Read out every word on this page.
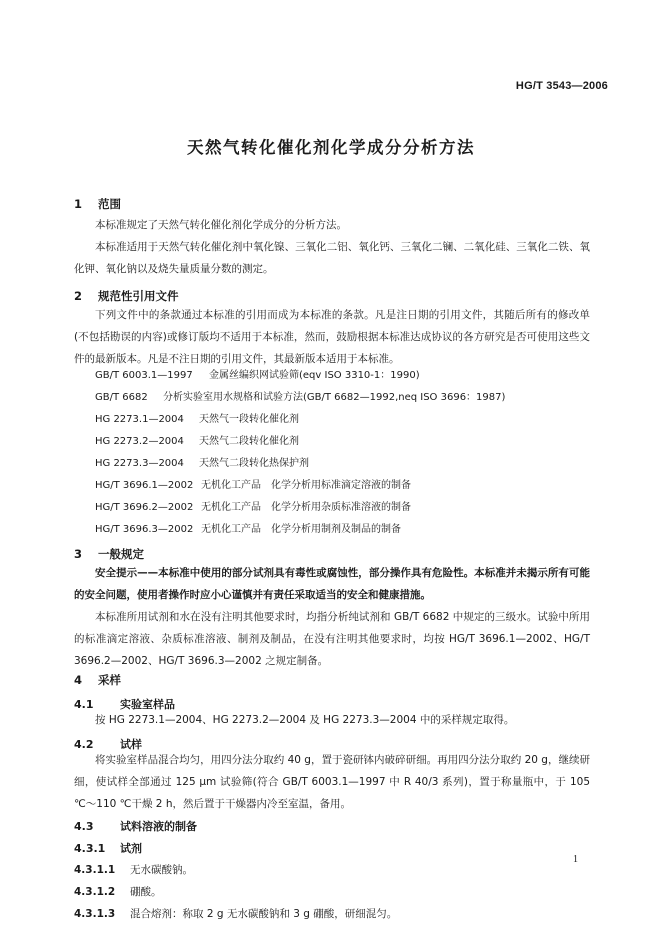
HG/T 3543—2006
天然气转化催化剂化学成分分析方法
1 范围
本标准规定了天然气转化催化剂化学成分的分析方法。
本标准适用于天然气转化催化剂中氧化镍、三氧化二铝、氧化钙、三氧化二镧、二氧化硅、三氧化二铁、氧化钾、氧化钠以及烧失量质量分数的测定。
2 规范性引用文件
下列文件中的条款通过本标准的引用而成为本标准的条款。凡是注日期的引用文件，其随后所有的修改单(不包括勘误的内容)或修订版均不适用于本标准，然而，鼓励根据本标准达成协议的各方研究是否可使用这些文件的最新版本。凡是不注日期的引用文件，其最新版本适用于本标准。
GB/T 6003.1—1997 金属丝编织网试验筛(eqv ISO 3310-1：1990)
GB/T 6682 分析实验室用水规格和试验方法(GB/T 6682—1992,neq ISO 3696：1987)
HG 2273.1—2004 天然气一段转化催化剂
HG 2273.2—2004 天然气二段转化催化剂
HG 2273.3—2004 天然气二段转化热保护剂
HG/T 3696.1—2002 无机化工产品　化学分析用标准滴定溶液的制备
HG/T 3696.2—2002 无机化工产品　化学分析用杂质标准溶液的制备
HG/T 3696.3—2002 无机化工产品　化学分析用制剂及制品的制备
3 一般规定
安全提示——本标准中使用的部分试剂具有毒性或腐蚀性，部分操作具有危险性。本标准并未揭示所有可能的安全问题，使用者操作时应小心谨慎并有责任采取适当的安全和健康措施。
本标准所用试剂和水在没有注明其他要求时，均指分析纯试剂和 GB/T 6682 中规定的三级水。试验中所用的标准滴定溶液、杂质标准溶液、制剂及制品，在没有注明其他要求时，均按 HG/T 3696.1—2002、HG/T 3696.2—2002、HG/T 3696.3—2002 之规定制备。
4 采样
4.1 实验室样品
按 HG 2273.1—2004、HG 2273.2—2004 及 HG 2273.3—2004 中的采样规定取得。
4.2 试样
将实验室样品混合均匀，用四分法分取约 40 g，置于瓷研钵内破碎研细。再用四分法分取约 20 g，继续研细，使试样全部通过 125 μm 试验筛(符合 GB/T 6003.1—1997 中 R 40/3 系列)，置于称量瓶中，于 105 ℃～110 ℃干燥 2 h，然后置于干燥器内冷至室温，备用。
4.3 试料溶液的制备
4.3.1 试剂
4.3.1.1 无水碳酸钠。
4.3.1.2 硼酸。
4.3.1.3 混合熔剂：称取 2 g 无水碳酸钠和 3 g 硼酸，研细混匀。
1
